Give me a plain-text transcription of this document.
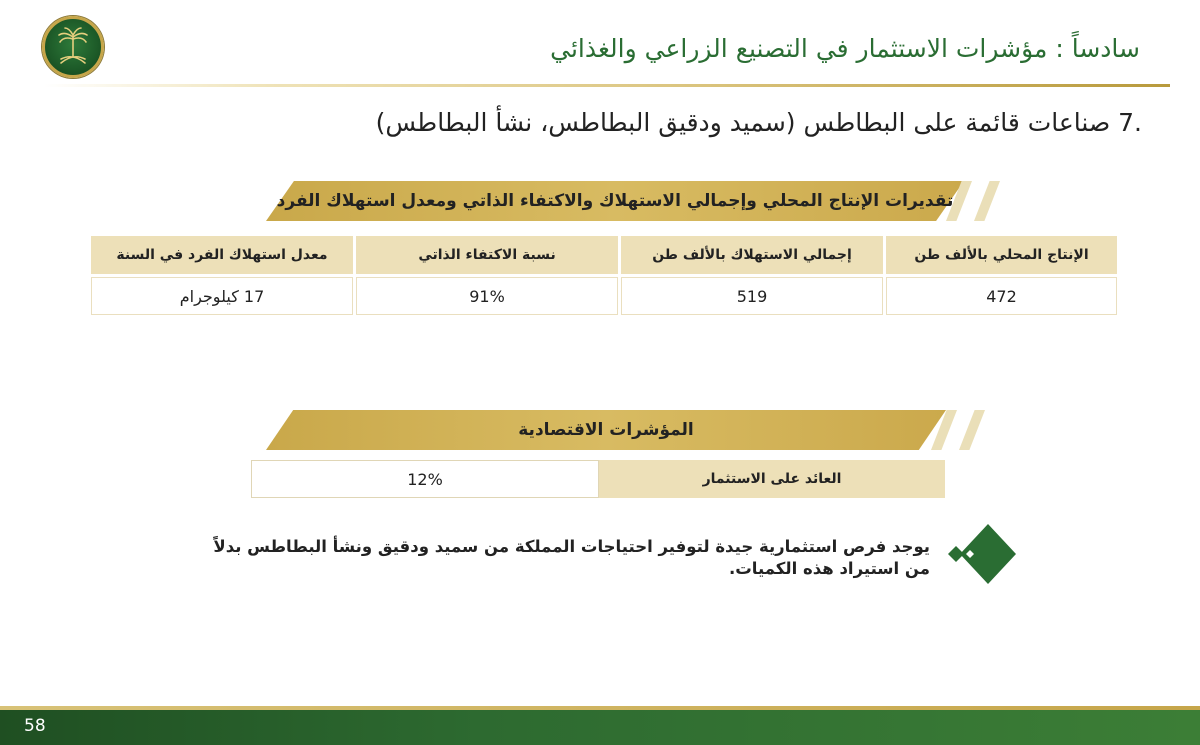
سادساً : مؤشرات الاستثمار في التصنيع الزراعي والغذائي
.7 صناعات قائمة على البطاطس (سميد ودقيق البطاطس، نشأ البطاطس)
تقديرات الإنتاج المحلي وإجمالي الاستهلاك والاكتفاء الذاتي ومعدل استهلاك الفرد
الإنتاج المحلي بالألف طن
إجمالي الاستهلاك بالألف طن
نسبة الاكتفاء الذاتي
معدل استهلاك الفرد في السنة
472
519
91%
17 كيلوجرام
المؤشرات الاقتصادية
العائد على الاستثمار
12%
يوجد فرص استثمارية جيدة لتوفير احتياجات المملكة من سميد ودقيق ونشأ البطاطس بدلاً من استيراد هذه الكميات.
58
